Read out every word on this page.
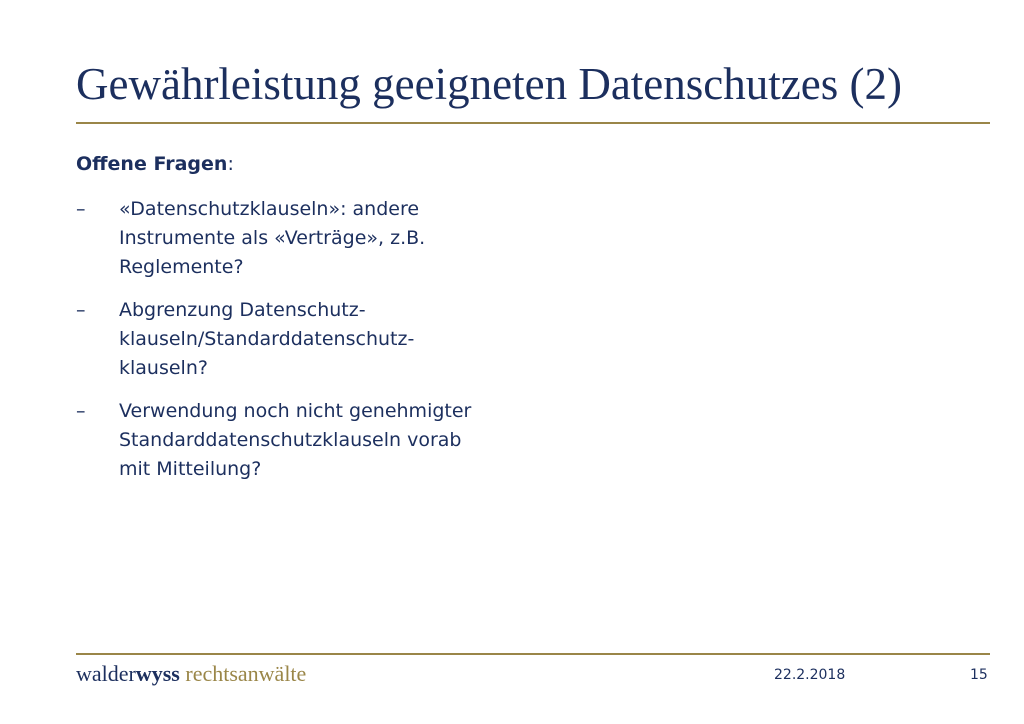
Gewährleistung geeigneten Datenschutzes (2)

Offene Fragen:

–	«Datenschutzklauseln»: andere
Instrumente als «Verträge», z.B.
Reglemente?
–	Abgrenzung Datenschutz-
klauseln/Standarddatenschutz-
klauseln?
–	Verwendung noch nicht genehmigter
Standarddatenschutzklauseln vorab
mit Mitteilung?
walderwyss rechtsanwälte	22.2.2018	15
